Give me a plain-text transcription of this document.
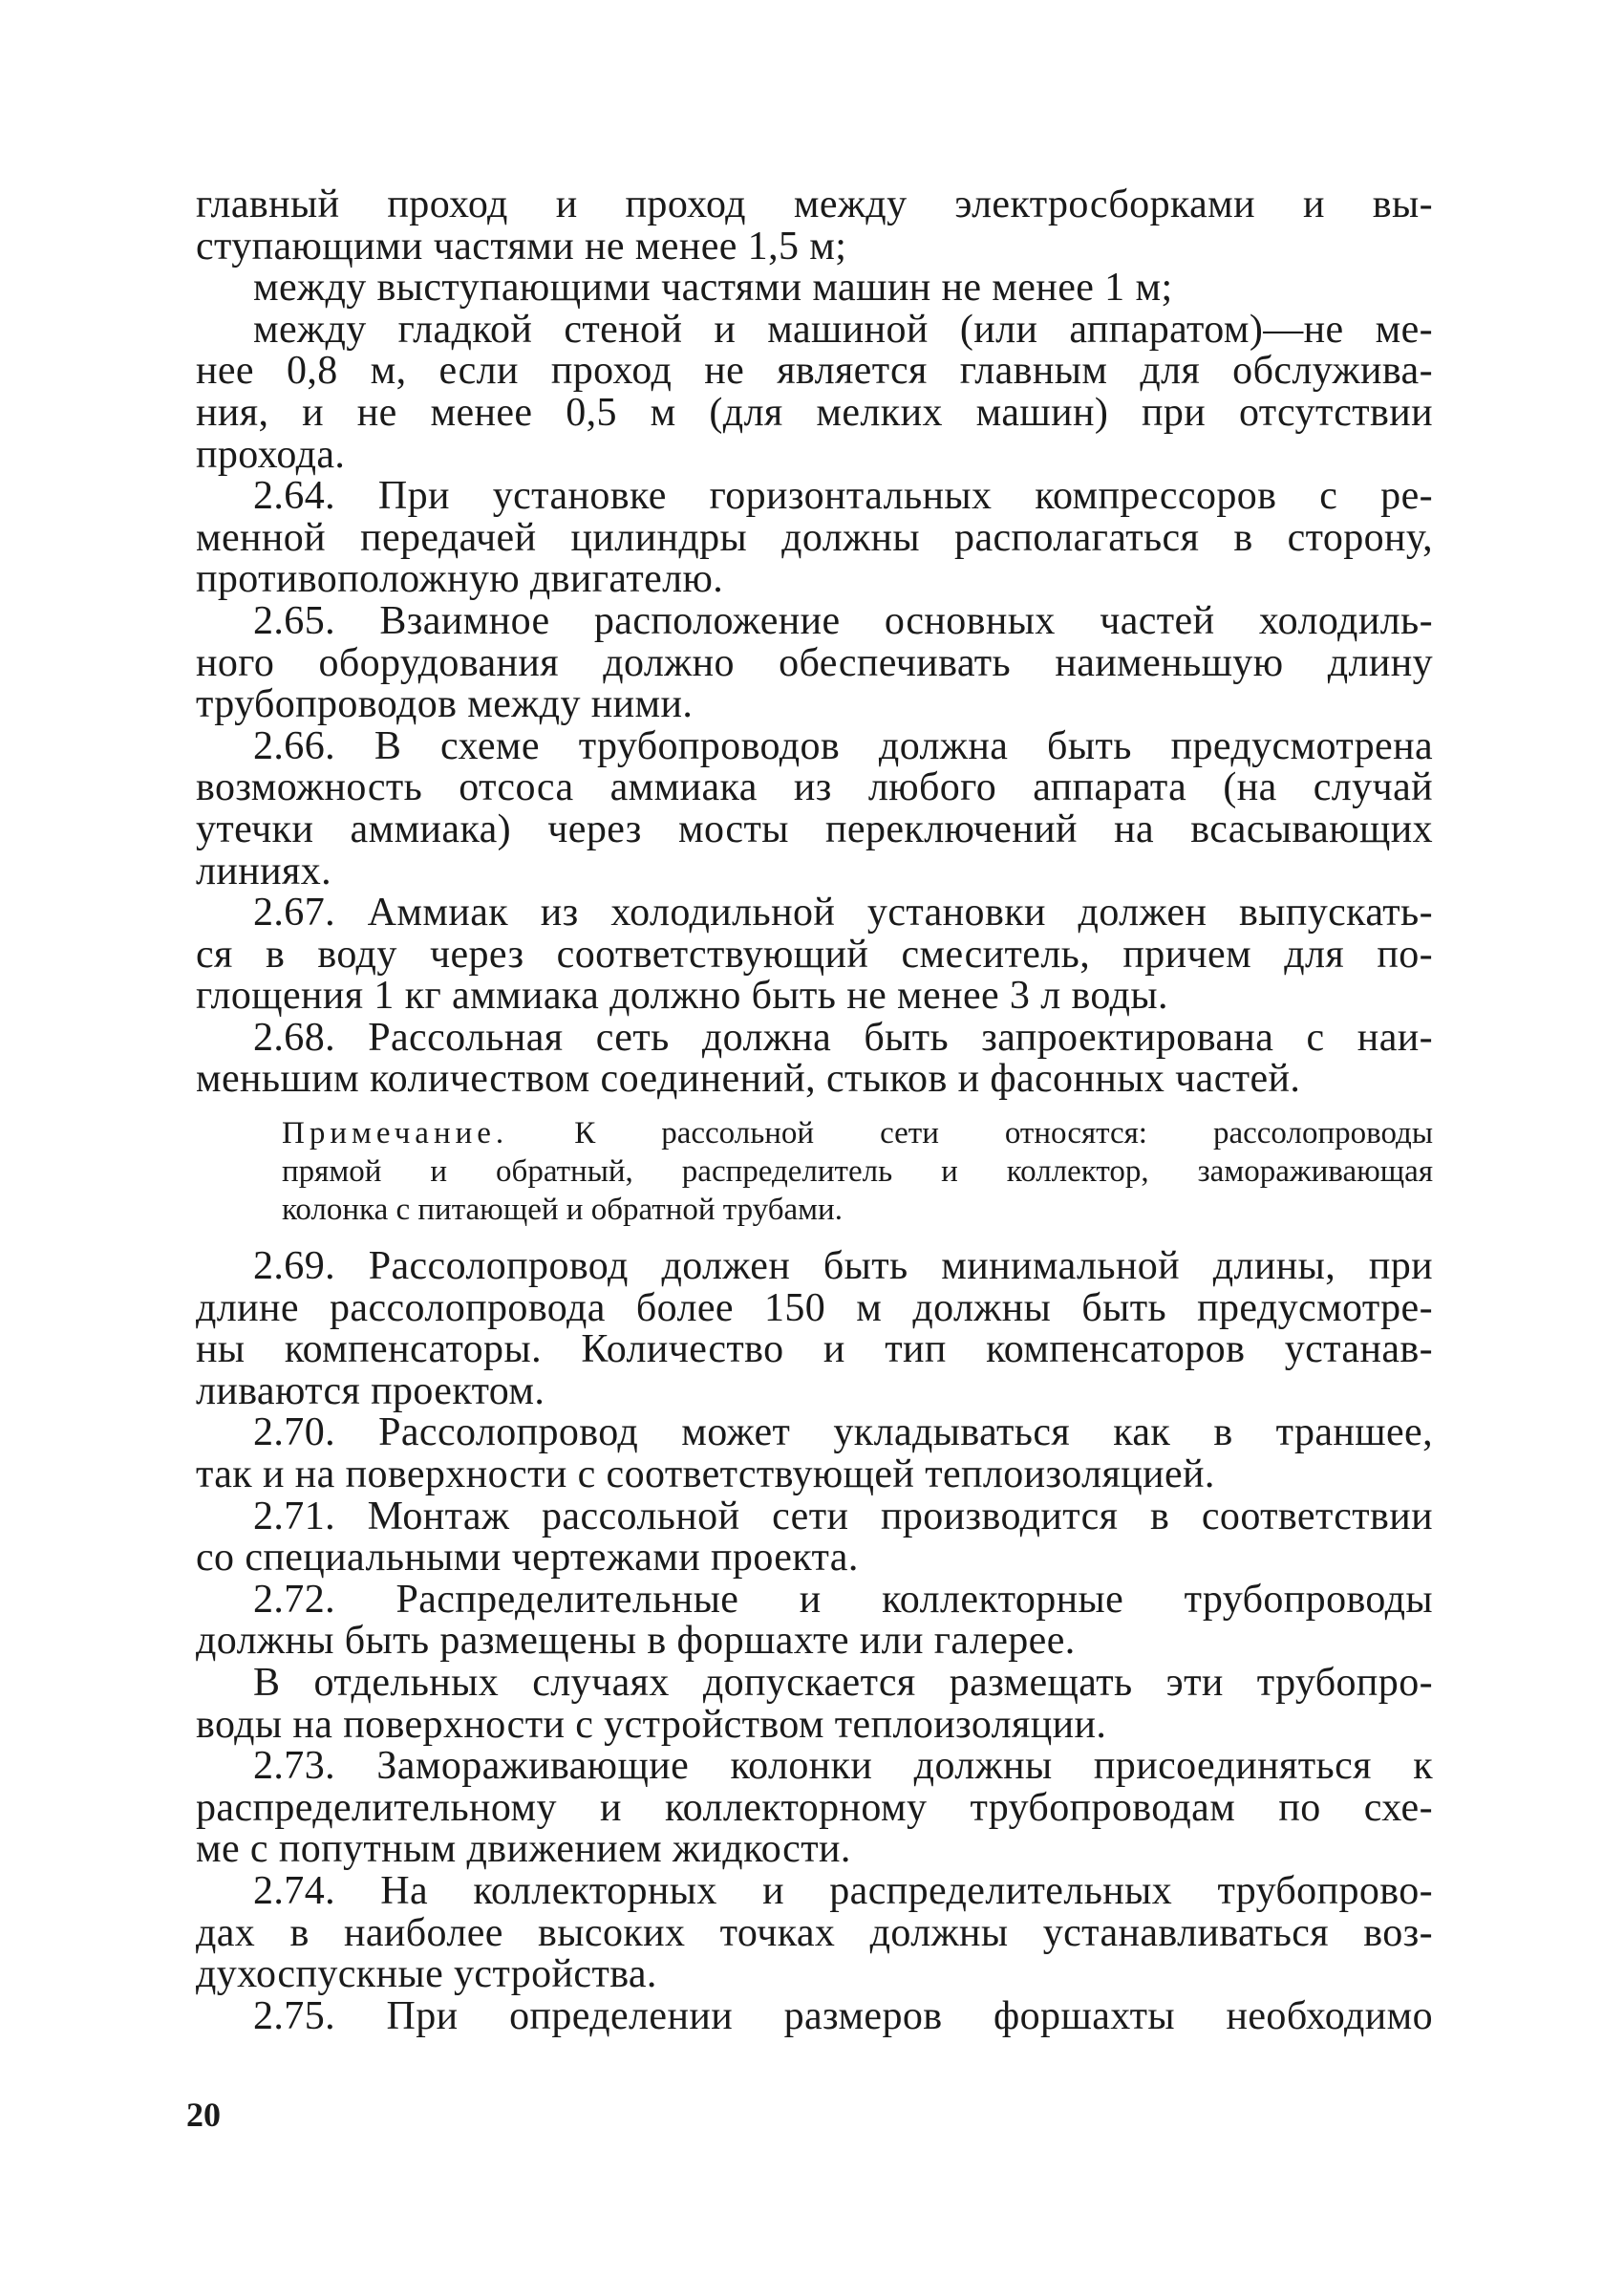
главный проход и проход между электросборками и вы-
ступающими частями не менее 1,5 м;
между выступающими частями машин не менее 1 м;
между гладкой стеной и машиной (или аппаратом)—не ме-
нее 0,8 м, если проход не является главным для обслужива-
ния, и не менее 0,5 м (для мелких машин) при отсутствии
прохода.
2.64. При установке горизонтальных компрессоров с ре-
менной передачей цилиндры должны располагаться в сторону,
противоположную двигателю.
2.65. Взаимное расположение основных частей холодиль-
ного оборудования должно обеспечивать наименьшую длину
трубопроводов между ними.
2.66. В схеме трубопроводов должна быть предусмотрена
возможность отсоса аммиака из любого аппарата (на случай
утечки аммиака) через мосты переключений на всасывающих
линиях.
2.67. Аммиак из холодильной установки должен выпускать-
ся в воду через соответствующий смеситель, причем для по-
глощения 1 кг аммиака должно быть не менее 3 л воды.
2.68. Рассольная сеть должна быть запроектирована с наи-
меньшим количеством соединений, стыков и фасонных частей.
Примечание. К рассольной сети относятся: рассолопроводы
прямой и обратный, распределитель и коллектор, замораживающая
колонка с питающей и обратной трубами.
2.69. Рассолопровод должен быть минимальной длины, при
длине рассолопровода более 150 м должны быть предусмотре-
ны компенсаторы. Количество и тип компенсаторов устанав-
ливаются проектом.
2.70. Рассолопровод может укладываться как в траншее,
так и на поверхности с соответствующей теплоизоляцией.
2.71. Монтаж рассольной сети производится в соответствии
со специальными чертежами проекта.
2.72. Распределительные и коллекторные трубопроводы
должны быть размещены в форшахте или галерее.
В отдельных случаях допускается размещать эти трубопро-
воды на поверхности с устройством теплоизоляции.
2.73. Замораживающие колонки должны присоединяться к
распределительному и коллекторному трубопроводам по схе-
ме с попутным движением жидкости.
2.74. На коллекторных и распределительных трубопрово-
дах в наиболее высоких точках должны устанавливаться воз-
духоспускные устройства.
2.75. При определении размеров форшахты необходимо
20
